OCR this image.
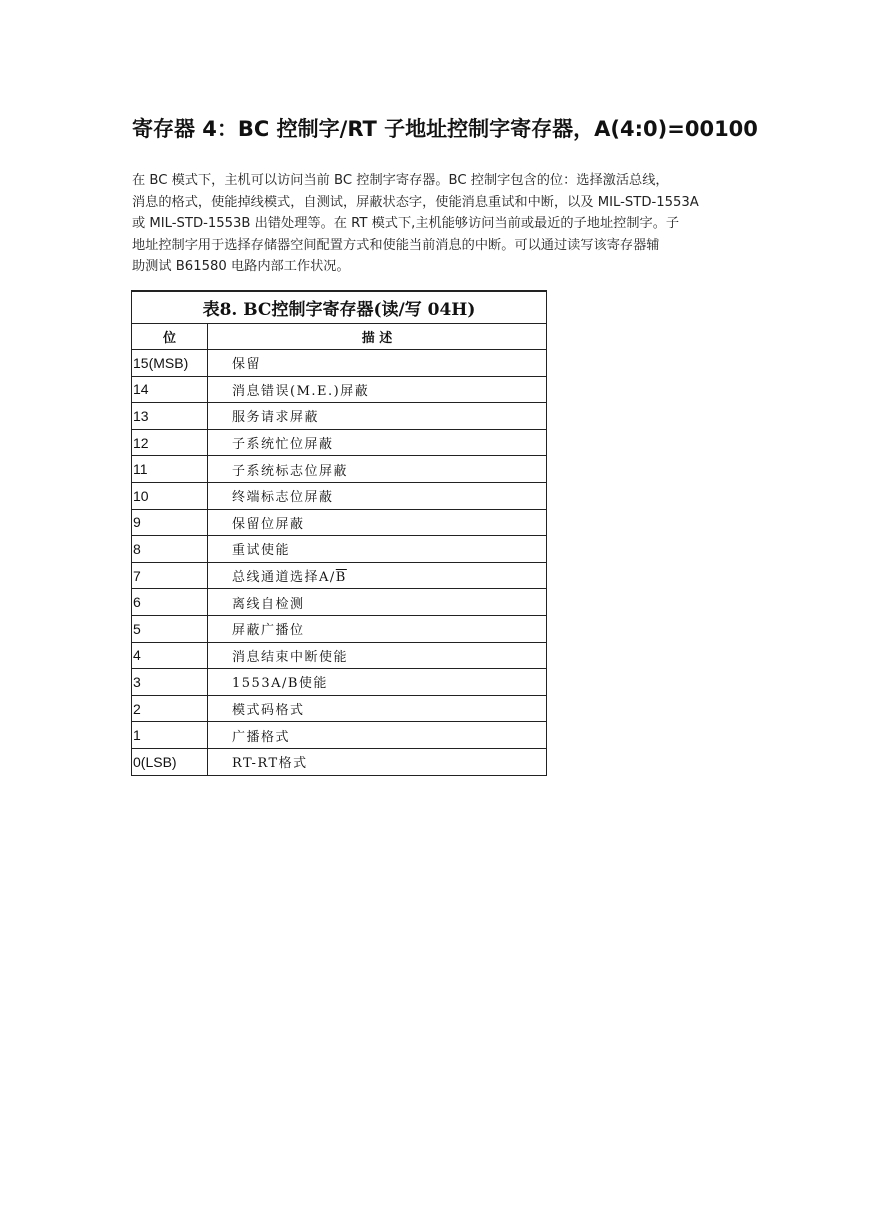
寄存器 4：BC 控制字/RT 子地址控制字寄存器，A(4:0)=00100
在 BC 模式下，主机可以访问当前 BC 控制字寄存器。BC 控制字包含的位：选择激活总线，
消息的格式，使能掉线模式，自测试，屏蔽状态字，使能消息重试和中断，以及 MIL-STD-1553A
或 MIL-STD-1553B 出错处理等。在 RT 模式下,主机能够访问当前或最近的子地址控制字。子
地址控制字用于选择存储器空间配置方式和使能当前消息的中断。可以通过读写该寄存器辅
助测试 B61580 电路内部工作状况。
表8. BC控制字寄存器(读/写 04H)	
位	描 述
15(MSB)	保留
14	消息错误(M.E.)屏蔽
13	服务请求屏蔽
12	子系统忙位屏蔽
11	子系统标志位屏蔽
10	终端标志位屏蔽
9	保留位屏蔽
8	重试使能
7	总线通道选择$A/\overline{B}$
6	离线自检测
5	屏蔽广播位
4	消息结束中断使能
3	1553A/B使能
2	模式码格式
1	广播格式
0(LSB)	RT-RT格式
